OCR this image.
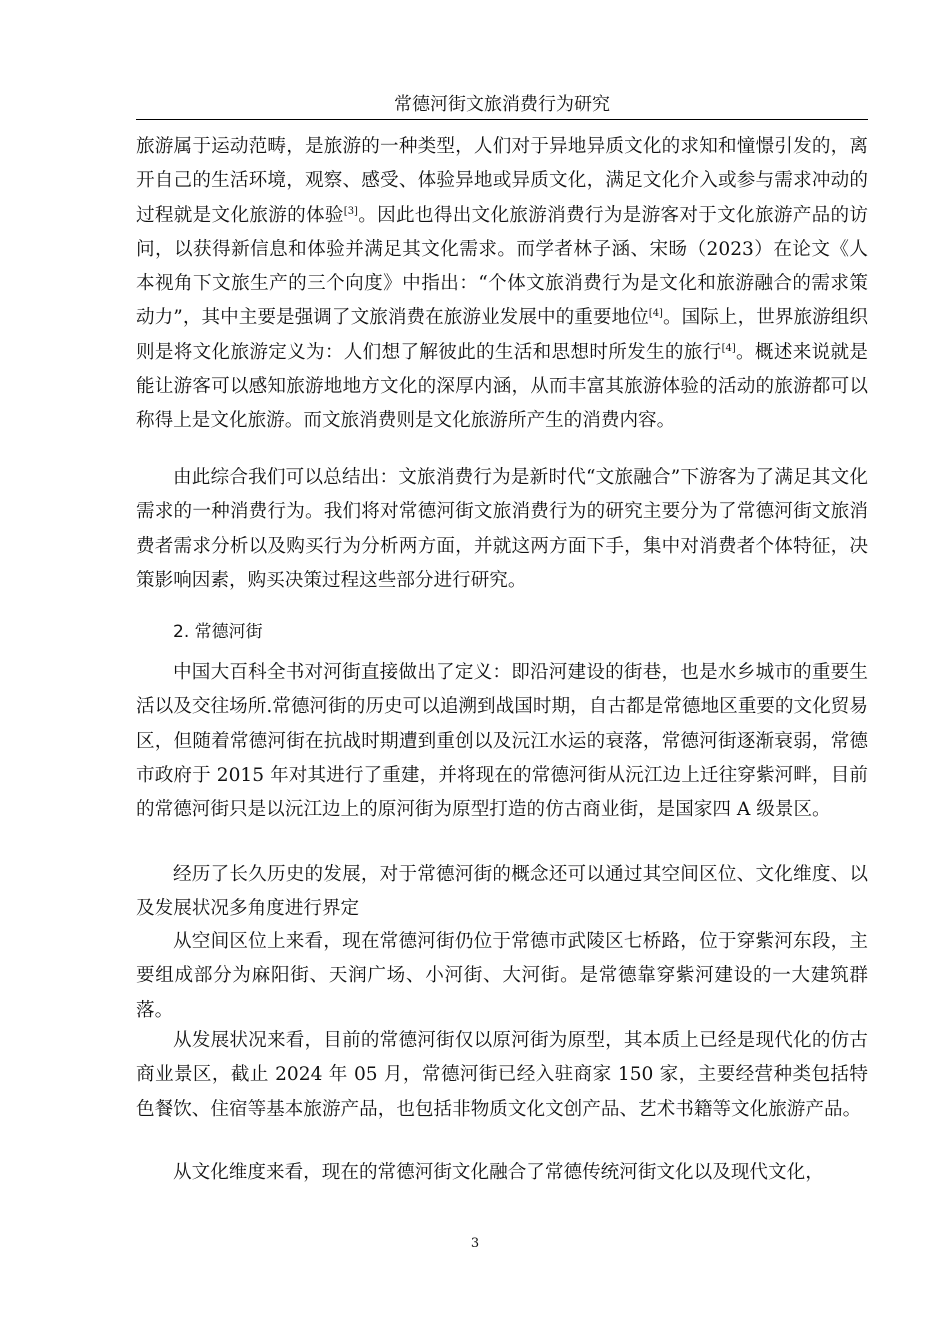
常德河街文旅消费行为研究

旅游属于运动范畴，是旅游的一种类型，人们对于异地异质文化的求知和憧憬引发的，离开自己的生活环境，观察、感受、体验异地或异质文化，满足文化介入或参与需求冲动的过程就是文化旅游的体验[3]。因此也得出文化旅游消费行为是游客对于文化旅游产品的访问，以获得新信息和体验并满足其文化需求。而学者林子涵、宋旸（2023）在论文《人本视角下文旅生产的三个向度》中指出：“个体文旅消费行为是文化和旅游融合的需求策动力”，其中主要是强调了文旅消费在旅游业发展中的重要地位[4]。国际上，世界旅游组织则是将文化旅游定义为：人们想了解彼此的生活和思想时所发生的旅行[4]。概述来说就是能让游客可以感知旅游地地方文化的深厚内涵，从而丰富其旅游体验的活动的旅游都可以称得上是文化旅游。而文旅消费则是文化旅游所产生的消费内容。

由此综合我们可以总结出：文旅消费行为是新时代“文旅融合”下游客为了满足其文化需求的一种消费行为。我们将对常德河街文旅消费行为的研究主要分为了常德河街文旅消费者需求分析以及购买行为分析两方面，并就这两方面下手，集中对消费者个体特征，决策影响因素，购买决策过程这些部分进行研究。

2. 常德河街

中国大百科全书对河街直接做出了定义：即沿河建设的街巷，也是水乡城市的重要生活以及交往场所.常德河街的历史可以追溯到战国时期，自古都是常德地区重要的文化贸易区，但随着常德河街在抗战时期遭到重创以及沅江水运的衰落，常德河街逐渐衰弱，常德市政府于 2015 年对其进行了重建，并将现在的常德河街从沅江边上迁往穿紫河畔，目前的常德河街只是以沅江边上的原河街为原型打造的仿古商业街，是国家四 A 级景区。

经历了长久历史的发展，对于常德河街的概念还可以通过其空间区位、文化维度、以及发展状况多角度进行界定

从空间区位上来看，现在常德河街仍位于常德市武陵区七桥路，位于穿紫河东段，主要组成部分为麻阳街、天润广场、小河街、大河街。是常德靠穿紫河建设的一大建筑群落。

从发展状况来看，目前的常德河街仅以原河街为原型，其本质上已经是现代化的仿古商业景区，截止 2024 年 05 月，常德河街已经入驻商家 150 家，主要经营种类包括特色餐饮、住宿等基本旅游产品，也包括非物质文化文创产品、艺术书籍等文化旅游产品。

从文化维度来看，现在的常德河街文化融合了常德传统河街文化以及现代文化，

3
